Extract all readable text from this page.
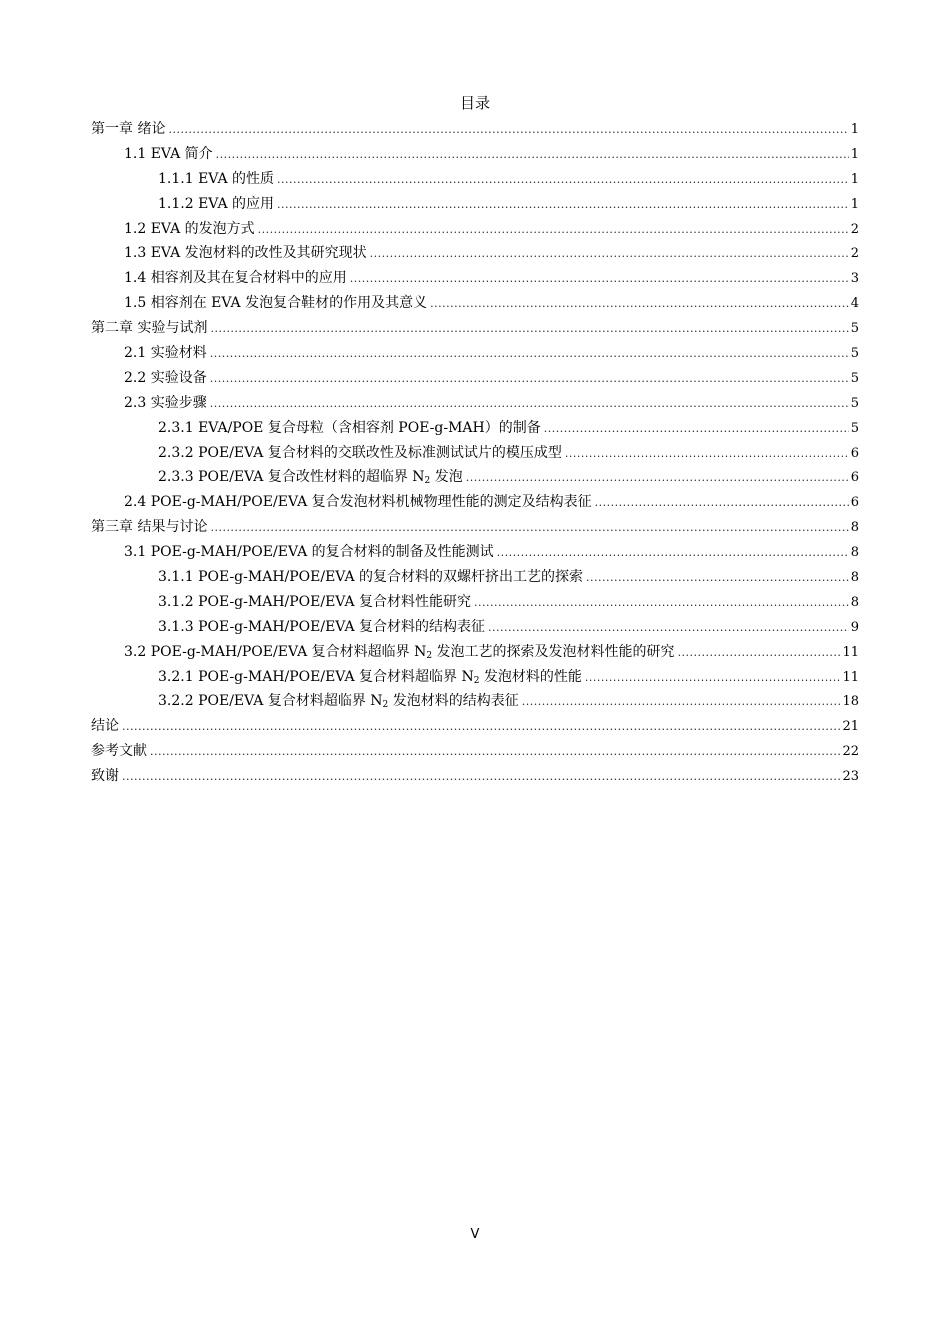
目录
第一章 绪论 .....	1
1.1 EVA 简介 .....	1
1.1.1 EVA 的性质 .....	1
1.1.2 EVA 的应用 .....	1
1.2 EVA 的发泡方式 .....	2
1.3 EVA 发泡材料的改性及其研究现状 .....	2
1.4 相容剂及其在复合材料中的应用 .....	3
1.5 相容剂在 EVA 发泡复合鞋材的作用及其意义 .....	4
第二章 实验与试剂 .....	5
2.1 实验材料 .....	5
2.2 实验设备 .....	5
2.3 实验步骤 .....	5
2.3.1 EVA/POE 复合母粒（含相容剂 POE-g-MAH）的制备 .....	5
2.3.2 POE/EVA 复合材料的交联改性及标准测试试片的模压成型 .....	6
2.3.3 POE/EVA 复合改性材料的超临界 $N_2$ 发泡 .....	6
2.4 POE-g-MAH/POE/EVA 复合发泡材料机械物理性能的测定及结构表征 .....	6
第三章 结果与讨论 .....	8
3.1 POE-g-MAH/POE/EVA 的复合材料的制备及性能测试 .....	8
3.1.1 POE-g-MAH/POE/EVA 的复合材料的双螺杆挤出工艺的探索 .....	8
3.1.2 POE-g-MAH/POE/EVA 复合材料性能研究 .....	8
3.1.3 POE-g-MAH/POE/EVA 复合材料的结构表征 .....	9
3.2 POE-g-MAH/POE/EVA 复合材料超临界 $N_2$ 发泡工艺的探索及发泡材料性能的研究 .....	11
3.2.1 POE-g-MAH/POE/EVA 复合材料超临界 $N_2$ 发泡材料的性能 .....	11
3.2.2 POE/EVA 复合材料超临界 $N_2$ 发泡材料的结构表征 .....	18
结论 .....	21
参考文献 .....	22
致谢 .....	23
V
